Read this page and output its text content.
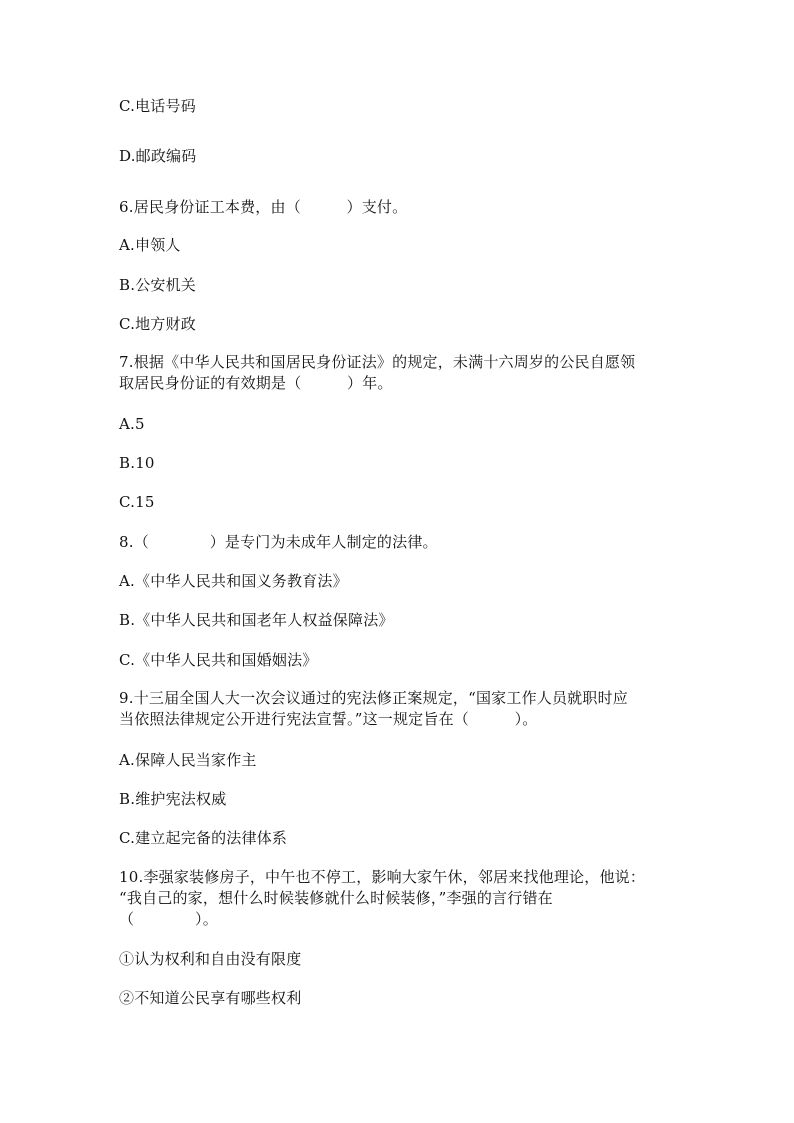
C.电话号码
D.邮政编码
6.居民身份证工本费，由（　　　）支付。
A.申领人
B.公安机关
C.地方财政
7.根据《中华人民共和国居民身份证法》的规定，未满十六周岁的公民自愿领
取居民身份证的有效期是（　　　）年。
A.5
B.10
C.15
8.（　　　　）是专门为未成年人制定的法律。
A.《中华人民共和国义务教育法》
B.《中华人民共和国老年人权益保障法》
C.《中华人民共和国婚姻法》
9.十三届全国人大一次会议通过的宪法修正案规定，“国家工作人员就职时应
当依照法律规定公开进行宪法宣誓。”这一规定旨在（　　　）。
A.保障人民当家作主
B.维护宪法权威
C.建立起完备的法律体系
10.李强家装修房子，中午也不停工，影响大家午休，邻居来找他理论，他说：
“我自己的家，想什么时候装修就什么时候装修，”李强的言行错在
（　　　　）。
①认为权利和自由没有限度
②不知道公民享有哪些权利
